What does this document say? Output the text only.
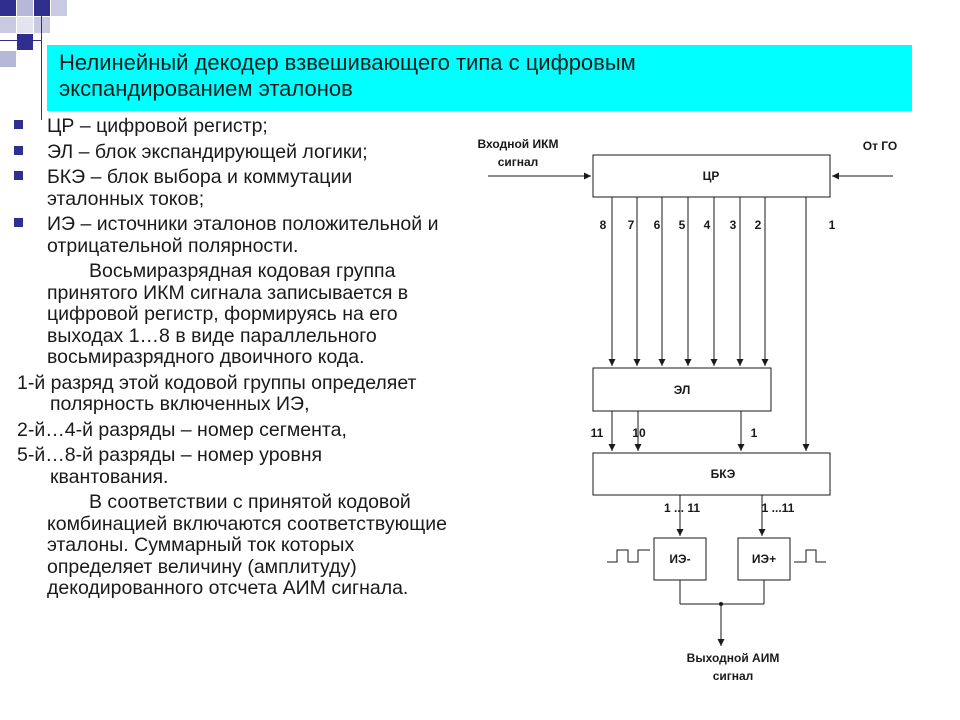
Нелинейный декодер взвешивающего типа с цифровым
экспандированием эталонов
ЦР – цифровой регистр;
ЭЛ – блок экспандирующей логики;
БКЭ – блок выбора и коммутации
эталонных токов;
ИЭ – источники эталонов положительной и
отрицательной полярности.
Восьмиразрядная кодовая группа
принятого ИКМ сигнала записывается в
цифровой регистр, формируясь на его
выходах 1…8 в виде параллельного
восьмиразрядного двоичного кода.
1-й разряд этой кодовой группы определяет
полярность включенных ИЭ,
2-й…4-й разряды – номер сегмента,
5-й…8-й разряды – номер уровня
квантования.
В соответствии с принятой кодовой
комбинацией включаются соответствующие
эталоны. Суммарный ток которых
определяет величину (амплитуду)
декодированного отсчета АИМ сигнала.
Входной ИКМ
сигнал
От ГО
ЦР
8 7 6 5 4 3 2	1
ЭЛ
11 10	1
БКЭ
1 ... 11	1 ...11
ИЭ-	ИЭ+
Выходной АИМ
сигнал
